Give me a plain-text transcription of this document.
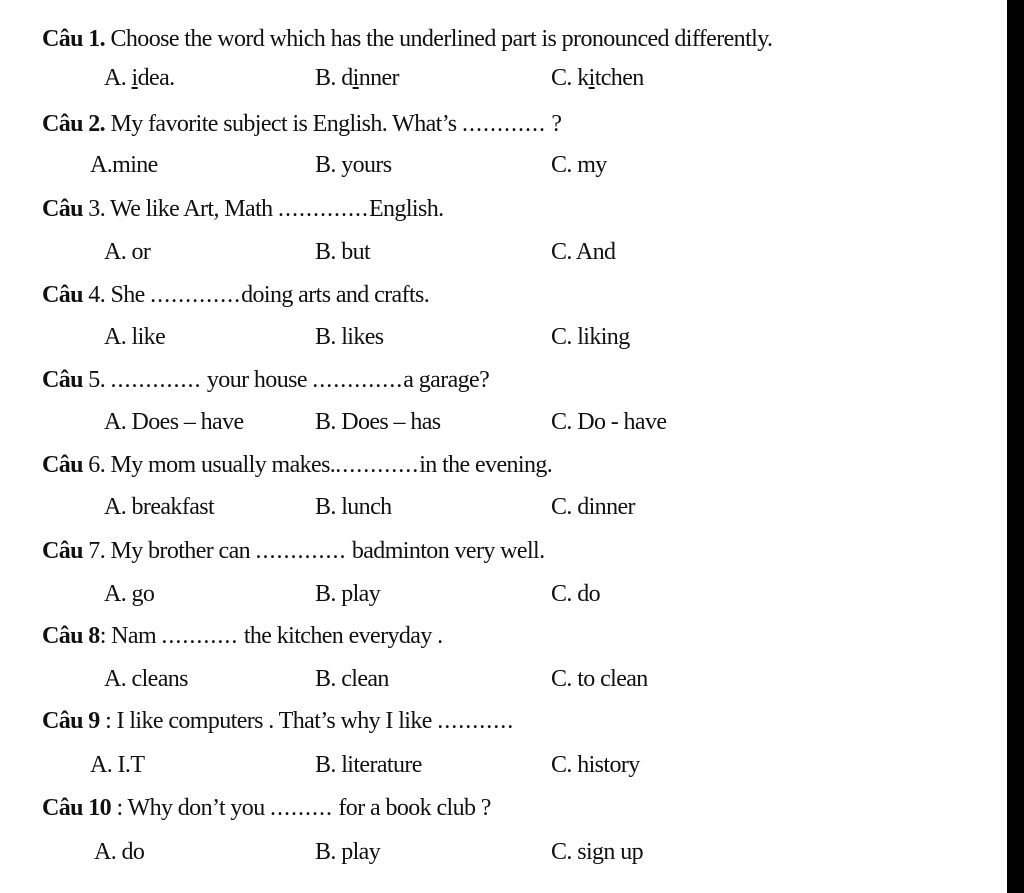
Câu 1. Choose the word which has the underlined part is pronounced differently.
A. idea.	B. dinner	C. kitchen
Câu 2. My favorite subject is English. What’s ............ ?
A.mine	B. yours	C. my
Câu 3. We like Art, Math .............English.
A. or	B. but	C. And
Câu 4. She .............doing arts and crafts.
A. like	B. likes	C. liking
Câu 5. ............. your house .............a garage?
A. Does – have	B. Does – has	C. Do - have
Câu 6. My mom usually makes.............in the evening.
A. breakfast	B. lunch	C. dinner
Câu 7. My brother can ............. badminton very well.
A. go	B. play	C. do
Câu 8: Nam ........... the kitchen everyday .
A. cleans	B. clean	C. to clean
Câu 9 : I like computers . That’s why I like ...........
A. I.T	B. literature	C. history
Câu 10 : Why don’t you ......... for a book club ?
A. do	B. play	C. sign up
